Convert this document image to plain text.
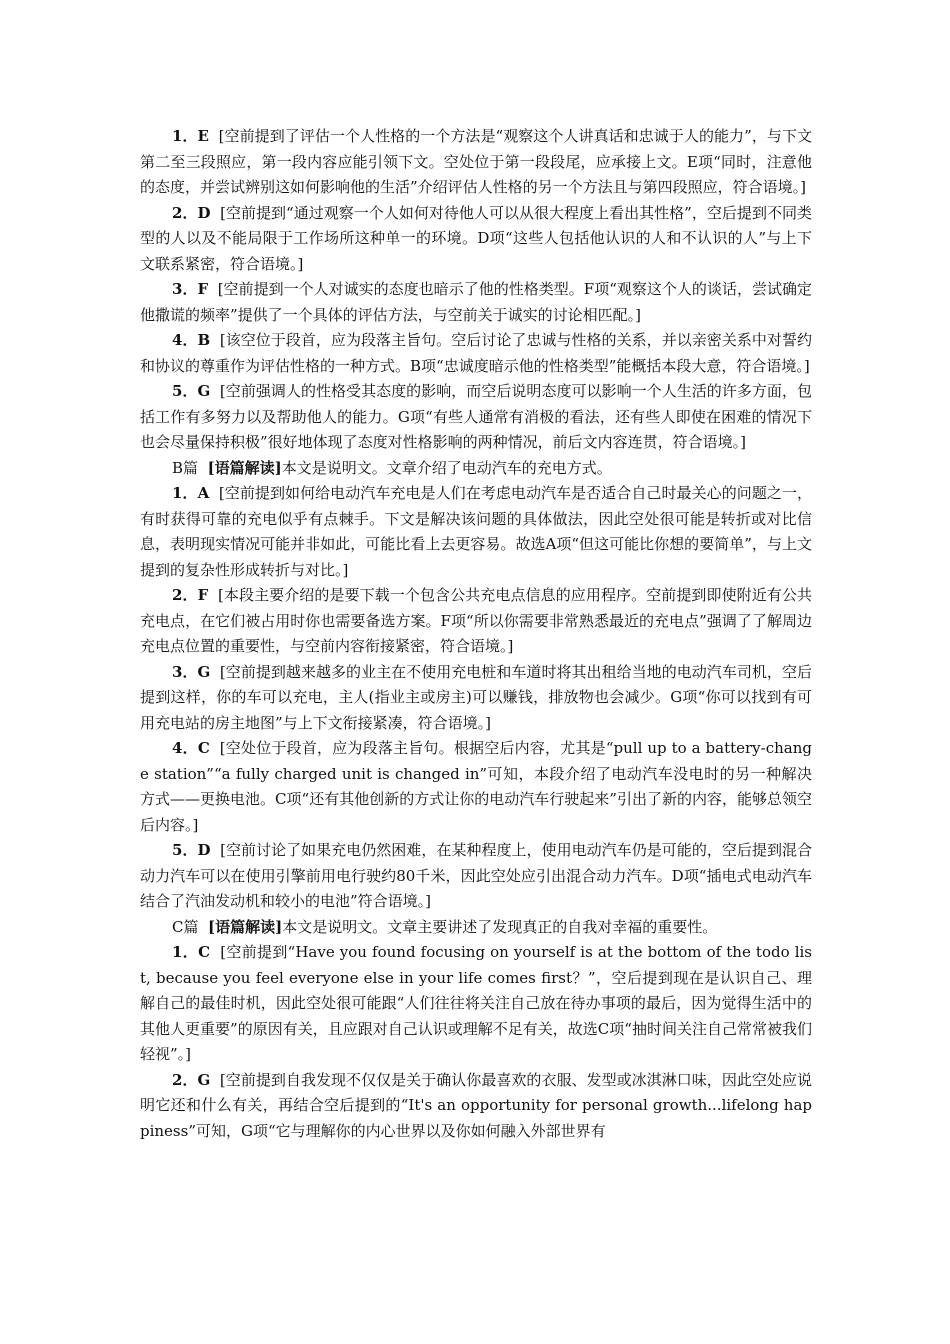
1．E [空前提到了评估一个人性格的一个方法是“观察这个人讲真话和忠诚于人的能力”，与下文第二至三段照应，第一段内容应能引领下文。空处位于第一段段尾，应承接上文。E项“同时，注意他的态度，并尝试辨别这如何影响他的生活”介绍评估人性格的另一个方法且与第四段照应，符合语境。]

2．D [空前提到“通过观察一个人如何对待他人可以从很大程度上看出其性格”，空后提到不同类型的人以及不能局限于工作场所这种单一的环境。D项“这些人包括他认识的人和不认识的人”与上下文联系紧密，符合语境。]

3．F [空前提到一个人对诚实的态度也暗示了他的性格类型。F项“观察这个人的谈话，尝试确定他撒谎的频率”提供了一个具体的评估方法，与空前关于诚实的讨论相匹配。]

4．B [该空位于段首，应为段落主旨句。空后讨论了忠诚与性格的关系，并以亲密关系中对誓约和协议的尊重作为评估性格的一种方式。B项“忠诚度暗示他的性格类型”能概括本段大意，符合语境。]

5．G [空前强调人的性格受其态度的影响，而空后说明态度可以影响一个人生活的许多方面，包括工作有多努力以及帮助他人的能力。G项“有些人通常有消极的看法，还有些人即使在困难的情况下也会尽量保持积极”很好地体现了态度对性格影响的两种情况，前后文内容连贯，符合语境。]

B篇 [语篇解读]本文是说明文。文章介绍了电动汽车的充电方式。

1．A [空前提到如何给电动汽车充电是人们在考虑电动汽车是否适合自己时最关心的问题之一，有时获得可靠的充电似乎有点棘手。下文是解决该问题的具体做法，因此空处很可能是转折或对比信息，表明现实情况可能并非如此，可能比看上去更容易。故选A项“但这可能比你想的要简单”，与上文提到的复杂性形成转折与对比。]

2．F [本段主要介绍的是要下载一个包含公共充电点信息的应用程序。空前提到即使附近有公共充电点，在它们被占用时你也需要备选方案。F项“所以你需要非常熟悉最近的充电点”强调了了解周边充电点位置的重要性，与空前内容衔接紧密，符合语境。]

3．G [空前提到越来越多的业主在不使用充电桩和车道时将其出租给当地的电动汽车司机，空后提到这样，你的车可以充电，主人(指业主或房主)可以赚钱，排放物也会减少。G项“你可以找到有可用充电站的房主地图”与上下文衔接紧凑，符合语境。]

4．C [空处位于段首，应为段落主旨句。根据空后内容，尤其是“pull up to a battery-change station”“a fully charged unit is changed in”可知，本段介绍了电动汽车没电时的另一种解决方式——更换电池。C项“还有其他创新的方式让你的电动汽车行驶起来”引出了新的内容，能够总领空后内容。]

5．D [空前讨论了如果充电仍然困难，在某种程度上，使用电动汽车仍是可能的，空后提到混合动力汽车可以在使用引擎前用电行驶约80千米，因此空处应引出混合动力汽车。D项“插电式电动汽车结合了汽油发动机和较小的电池”符合语境。]

C篇 [语篇解读]本文是说明文。文章主要讲述了发现真正的自我对幸福的重要性。

1．C [空前提到“Have you found focusing on yourself is at the bottom of the todo list, because you feel everyone else in your life comes first？”，空后提到现在是认识自己、理解自己的最佳时机，因此空处很可能跟“人们往往将关注自己放在待办事项的最后，因为觉得生活中的其他人更重要”的原因有关，且应跟对自己认识或理解不足有关，故选C项“抽时间关注自己常常被我们轻视”。]

2．G [空前提到自我发现不仅仅是关于确认你最喜欢的衣服、发型或冰淇淋口味，因此空处应说明它还和什么有关，再结合空后提到的“It's an opportunity for personal growth...lifelong happiness”可知，G项“它与理解你的内心世界以及你如何融入外部世界有
